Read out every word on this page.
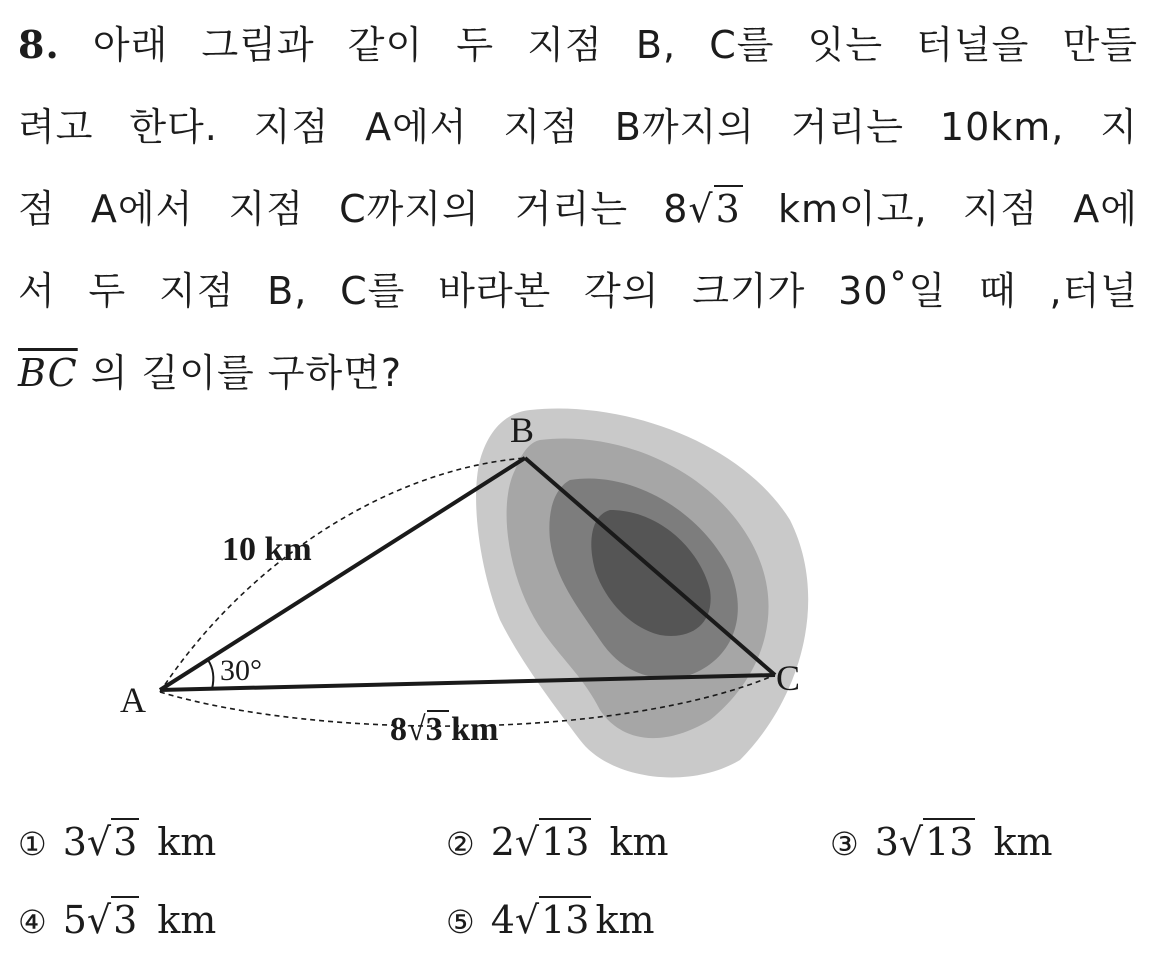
8. 아래 그림과 같이 두 지점 B, C를 잇는 터널을 만들
려고 한다. 지점 A에서 지점 B까지의 거리는 10km, 지
점 A에서 지점 C까지의 거리는 8√3 km이고, 지점 A에
서 두 지점 B, C를 바라본 각의 크기가 30˚일 때 ,터널
$\overline{BC}$ 의 길이를 구하면?
B
A
C
10 km
30°
8√3 km
① 3√3 km	② 2√13 km	③ 3√13 km
④ 5√3 km	⑤ 4√13 km
